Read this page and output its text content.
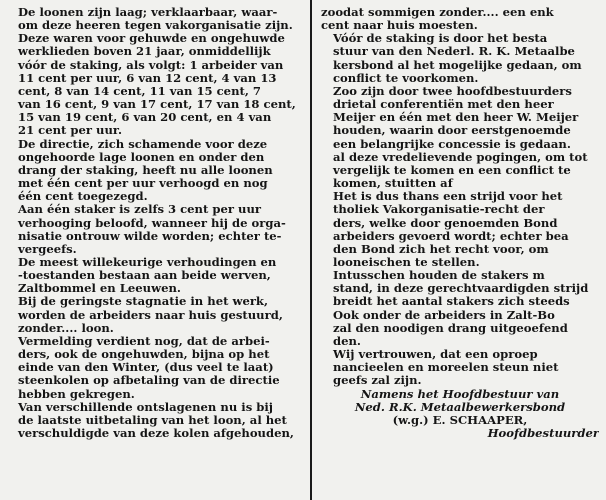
De loonen zijn laag; verklaarbaar, waar-
om deze heeren tegen vakorganisatie zijn.
Deze waren voor gehuwde en ongehuwde
werklieden boven 21 jaar, onmiddellijk
vóór de staking, als volgt: 1 arbeider van
11 cent per uur, 6 van 12 cent, 4 van 13
cent, 8 van 14 cent, 11 van 15 cent, 7
van 16 cent, 9 van 17 cent, 17 van 18 cent,
15 van 19 cent, 6 van 20 cent, en 4 van
21 cent per uur.

De directie, zich schamende voor deze
ongehoorde lage loonen en onder den
drang der staking, heeft nu alle loonen
met één cent per uur verhoogd en nog
één cent toegezegd.

Aan één staker is zelfs 3 cent per uur
verhooging beloofd, wanneer hij de orga-
nisatie ontrouw wilde worden; echter te-
vergeefs.

De meest willekeurige verhoudingen en
-toestanden bestaan aan beide werven,
Zaltbommel en Leeuwen.

Bij de geringste stagnatie in het werk,
worden de arbeiders naar huis gestuurd,
zonder.... loon.

Vermelding verdient nog, dat de arbei-
ders, ook de ongehuwden, bijna op het
einde van den Winter, (dus veel te laat)
steenkolen op afbetaling van de directie
hebben gekregen.

Van verschillende ontslagenen nu is bij
de laatste uitbetaling van het loon, al het
verschuldigde van deze kolen afgehouden,

zoodat sommigen zonder.... een enk
cent naar huis moesten.

Vóór de staking is door het besta
stuur van den Nederl. R. K. Metaalbe
kersbond al het mogelijke gedaan, om
conflict te voorkomen.

Zoo zijn door twee hoofdbestuurders
drietal conferentiën met den heer
Meijer en één met den heer W. Meijer
houden, waarin door eerstgenoemde
een belangrijke concessie is gedaan.
al deze vredelievende pogingen, om tot
vergelijk te komen en een conflict te
komen, stuitten af

Het is dus thans een strijd voor het
tholiek Vakorganisatie-recht der
ders, welke door genoemden Bond
arbeiders gevoerd wordt; echter bea
den Bond zich het recht voor, om
looneischen te stellen.

Intusschen houden de stakers m
stand, in deze gerechtvaardigden strijd
breidt het aantal stakers zich steeds

Ook onder de arbeiders in Zalt-Bo
zal den noodigen drang uitgeoefend
den.

Wij vertrouwen, dat een oproep
nancieelen en moreelen steun niet
geefs zal zijn.

Namens het Hoofdbestuur van
Ned. R.K. Metaalbewerkersbond
(w.g.) E. SCHAAPER,
Hoofdbestuurder
